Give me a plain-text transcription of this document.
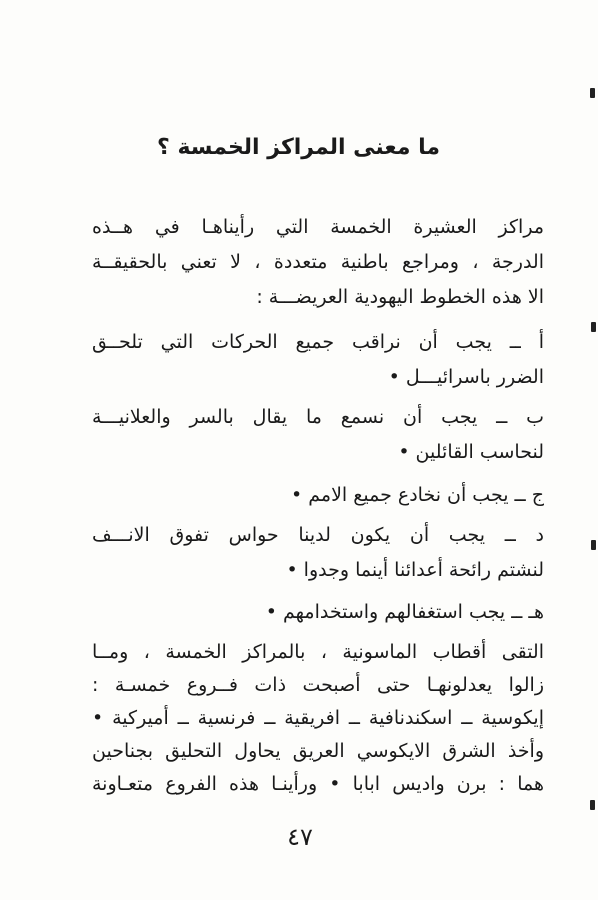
ما معنى المراكز الخمسة ؟
مراكز العشيرة الخمسة التي رأيناهـا في هــذه
الدرجة ، ومراجع باطنية متعددة ، لا تعني بالحقيقــة
الا هذه الخطوط اليهودية العريضـــة :
أ ــ يجب أن نراقب جميع الحركات التي تلحــق
الضرر باسرائيـــل •
ب ــ يجب أن نسمع ما يقال بالسر والعلانيـــة
لنحاسب القائلين •
ج ــ يجب أن نخادع جميع الامم •
د ــ يجب أن يكون لدينا حواس تفوق الانـــف
لنشتم رائحة أعدائنا أينما وجدوا •
هـ ــ يجب استغفالهم واستخدامهم •
التقى أقطاب الماسونية ، بالمراكز الخمسة ، ومــا
زالوا يعدلونهـا حتى أصبحت ذات فــروع خمسـة :
إيكوسية ــ اسكندنافية ــ افريقية ــ فرنسية ــ أميركية •
وأخذ الشرق الايكوسي العريق يحاول التحليق بجناحين
هما : برن واديس ابابا • ورأينـا هذه الفروع متعـاونة
٤٧
